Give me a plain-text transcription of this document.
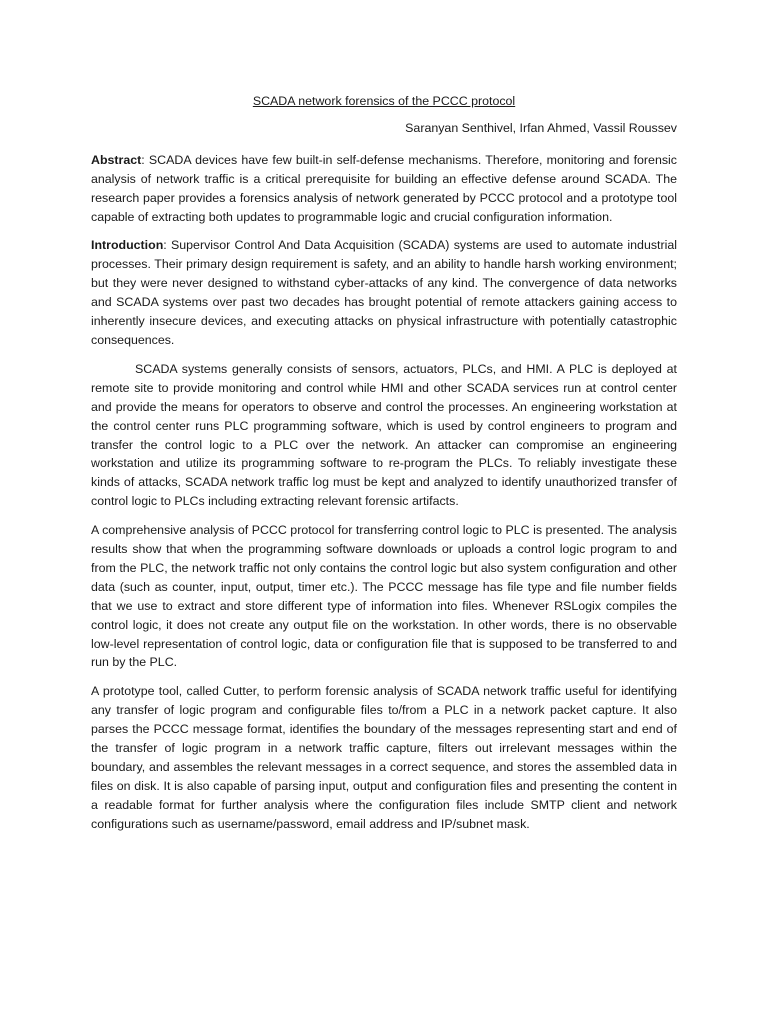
SCADA network forensics of the PCCC protocol
Saranyan Senthivel, Irfan Ahmed, Vassil Roussev

Abstract: SCADA devices have few built-in self-defense mechanisms. Therefore, monitoring and forensic analysis of network traffic is a critical prerequisite for building an effective defense around SCADA. The research paper provides a forensics analysis of network generated by PCCC protocol and a prototype tool capable of extracting both updates to programmable logic and crucial configuration information.

Introduction: Supervisor Control And Data Acquisition (SCADA) systems are used to automate industrial processes. Their primary design requirement is safety, and an ability to handle harsh working environment; but they were never designed to withstand cyber-attacks of any kind. The convergence of data networks and SCADA systems over past two decades has brought potential of remote attackers gaining access to inherently insecure devices, and executing attacks on physical infrastructure with potentially catastrophic consequences.

SCADA systems generally consists of sensors, actuators, PLCs, and HMI. A PLC is deployed at remote site to provide monitoring and control while HMI and other SCADA services run at control center and provide the means for operators to observe and control the processes. An engineering workstation at the control center runs PLC programming software, which is used by control engineers to program and transfer the control logic to a PLC over the network. An attacker can compromise an engineering workstation and utilize its programming software to re-program the PLCs. To reliably investigate these kinds of attacks, SCADA network traffic log must be kept and analyzed to identify unauthorized transfer of control logic to PLCs including extracting relevant forensic artifacts.

A comprehensive analysis of PCCC protocol for transferring control logic to PLC is presented. The analysis results show that when the programming software downloads or uploads a control logic program to and from the PLC, the network traffic not only contains the control logic but also system configuration and other data (such as counter, input, output, timer etc.). The PCCC message has file type and file number fields that we use to extract and store different type of information into files. Whenever RSLogix compiles the control logic, it does not create any output file on the workstation. In other words, there is no observable low-level representation of control logic, data or configuration file that is supposed to be transferred to and run by the PLC.

A prototype tool, called Cutter, to perform forensic analysis of SCADA network traffic useful for identifying any transfer of logic program and configurable files to/from a PLC in a network packet capture. It also parses the PCCC message format, identifies the boundary of the messages representing start and end of the transfer of logic program in a network traffic capture, filters out irrelevant messages within the boundary, and assembles the relevant messages in a correct sequence, and stores the assembled data in files on disk. It is also capable of parsing input, output and configuration files and presenting the content in a readable format for further analysis where the configuration files include SMTP client and network configurations such as username/password, email address and IP/subnet mask.
